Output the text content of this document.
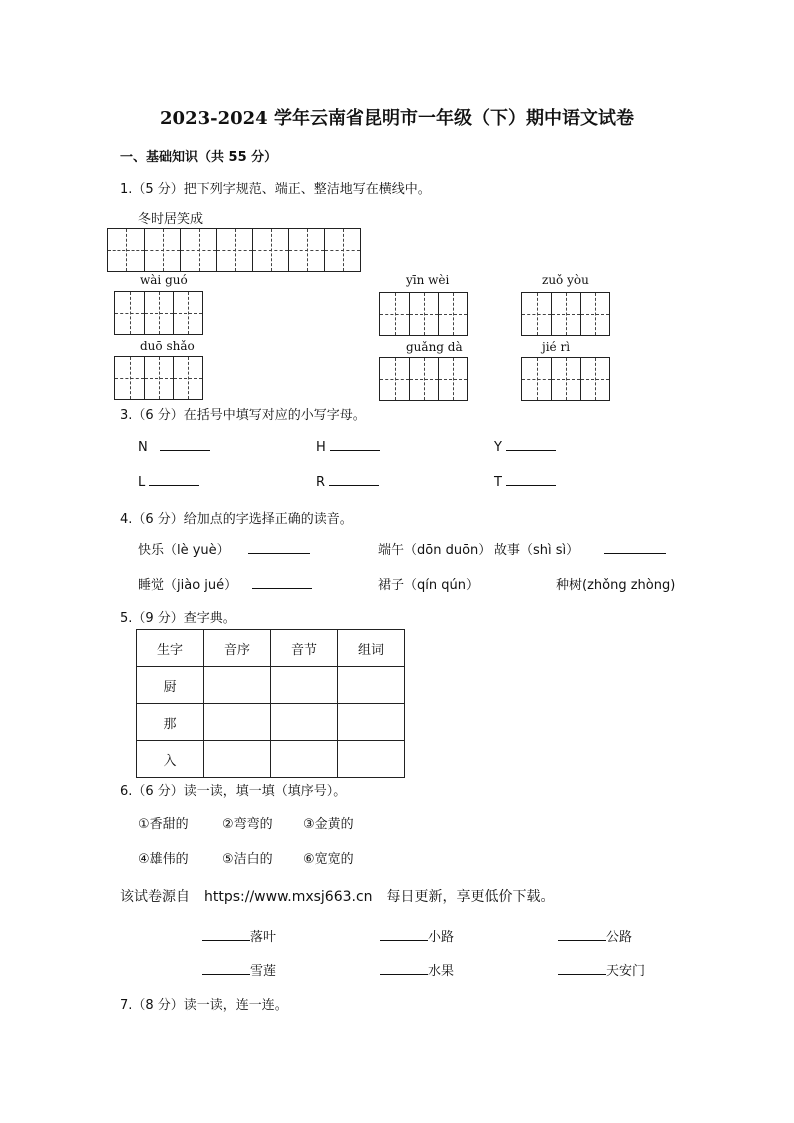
2023-2024 学年云南省昆明市一年级（下）期中语文试卷
一、基础知识（共 55 分）
1.（5 分）把下列字规范、端正、整洁地写在横线中。
冬时居笑成
wài guó	yīn wèi	zuǒ yòu
duō shǎo	guǎng dà	jié rì
3.（6 分）在括号中填写对应的小写字母。
N	H	Y
L	R	T
4.（6 分）给加点的字选择正确的读音。
快乐（lè yuè）	端午（dōn duōn） 故事（shì sì）
睡觉（jiào jué）	裙子（qín qún）	种树(zhǒng zhòng)
5.（9 分）查字典。
生字	音序	音节	组词
厨			
那			
入			
6.（6 分）读一读，填一填（填序号）。
①香甜的	②弯弯的 ③金黄的
④雄伟的	⑤洁白的 ⑥宽宽的
该试卷源自　https://www.mxsj663.cn　每日更新，享更低价下载。
落叶	小路	公路
雪莲	水果	天安门
7.（8 分）读一读，连一连。
